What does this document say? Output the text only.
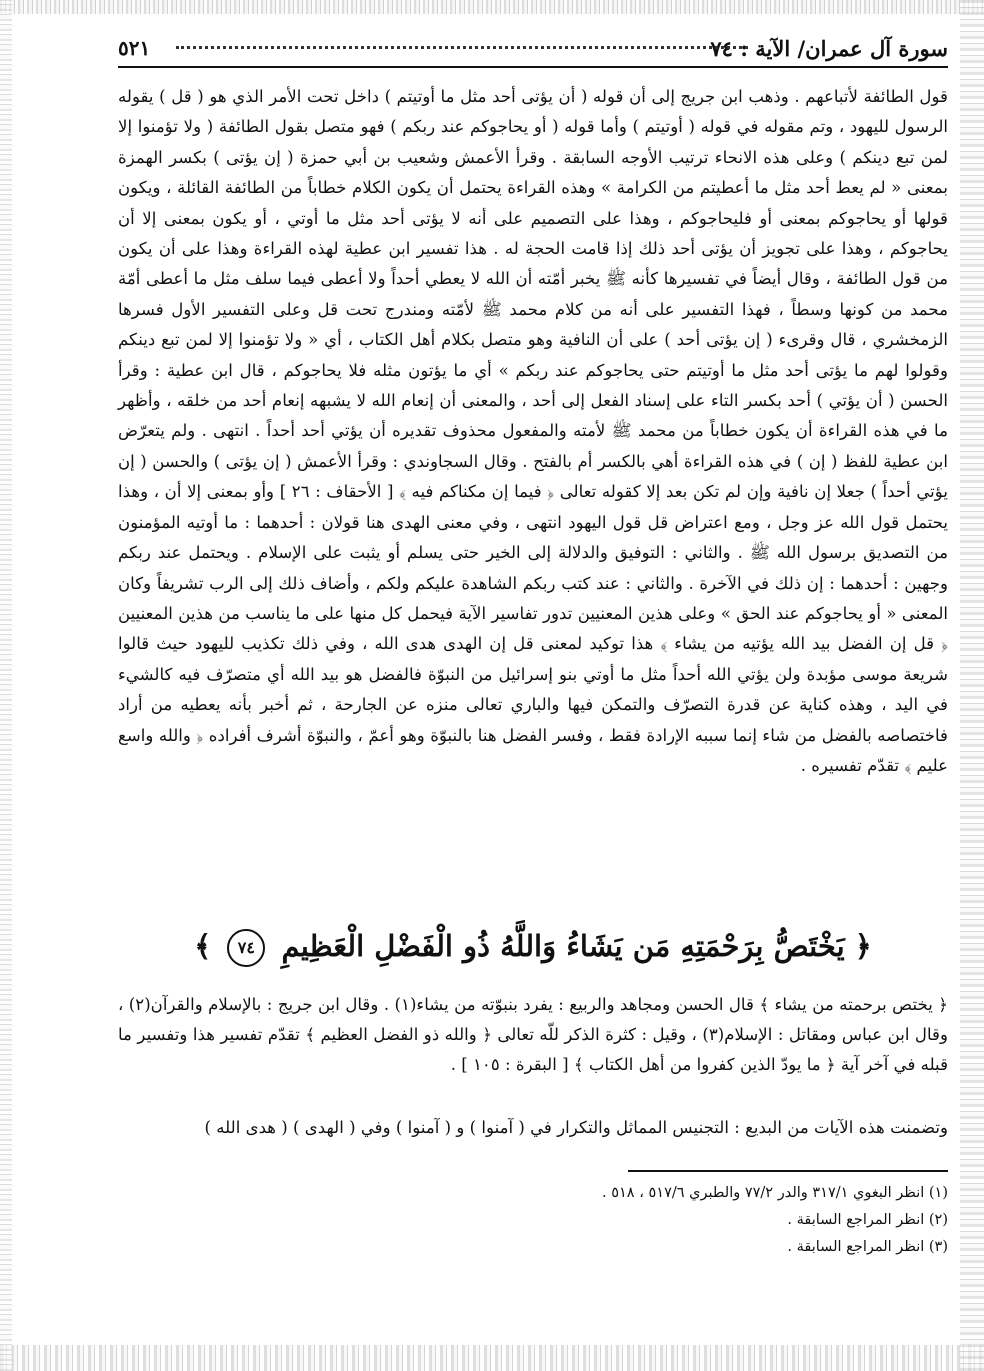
سورة آل عمران/ الآية : ٧٤
٥٢١

قول الطائفة لأتباعهم . وذهب ابن جريج إلى أن قوله ( أن يؤتى أحد مثل ما أوتيتم ) داخل تحت الأمر الذي هو ( قل ) يقوله الرسول لليهود ، وتم مقوله في قوله ( أوتيتم ) وأما قوله ( أو يحاجوكم عند ربكم ) فهو متصل بقول الطائفة ( ولا تؤمنوا إلا لمن تبع دينكم ) وعلى هذه الانحاء ترتيب الأوجه السابقة . وقرأ الأعمش وشعيب بن أبي حمزة ( إن يؤتى ) بكسر الهمزة بمعنى « لم يعط أحد مثل ما أعطيتم من الكرامة » وهذه القراءة يحتمل أن يكون الكلام خطاباً من الطائفة القائلة ، ويكون قولها أو يحاجوكم بمعنى أو فليحاجوكم ، وهذا على التصميم على أنه لا يؤتى أحد مثل ما أوتي ، أو يكون بمعنى إلا أن يحاجوكم ، وهذا على تجويز أن يؤتى أحد ذلك إذا قامت الحجة له . هذا تفسير ابن عطية لهذه القراءة وهذا على أن يكون من قول الطائفة ، وقال أيضاً في تفسيرها كأنه ﷺ يخبر أمّته أن الله لا يعطي أحداً ولا أعطى فيما سلف مثل ما أعطى أمّة محمد من كونها وسطاً ، فهذا التفسير على أنه من كلام محمد ﷺ لأمّته ومندرج تحت قل وعلى التفسير الأول فسرها الزمخشري ، قال وقرىء ( إن يؤتى أحد ) على أن النافية وهو متصل بكلام أهل الكتاب ، أي « ولا تؤمنوا إلا لمن تبع دينكم وقولوا لهم ما يؤتى أحد مثل ما أوتيتم حتى يحاجوكم عند ربكم » أي ما يؤتون مثله فلا يحاجوكم ، قال ابن عطية : وقرأ الحسن ( أن يؤتي ) أحد بكسر التاء على إسناد الفعل إلى أحد ، والمعنى أن إنعام الله لا يشبهه إنعام أحد من خلقه ، وأظهر ما في هذه القراءة أن يكون خطاباً من محمد ﷺ لأمته والمفعول محذوف تقديره أن يؤتي أحد أحداً . انتهى . ولم يتعرّض ابن عطية للفظ ( إن ) في هذه القراءة أهي بالكسر أم بالفتح . وقال السجاوندي : وقرأ الأعمش ( إن يؤتى ) والحسن ( إن يؤتي أحداً ) جعلا إن نافية وإن لم تكن بعد إلا كقوله تعالى ﴿ فيما إن مكناكم فيه ﴾ [ الأحقاف : ٢٦ ] وأو بمعنى إلا أن ، وهذا يحتمل قول الله عز وجل ، ومع اعتراض قل قول اليهود انتهى ، وفي معنى الهدى هنا قولان : أحدهما : ما أوتيه المؤمنون من التصديق برسول الله ﷺ . والثاني : التوفيق والدلالة إلى الخير حتى يسلم أو يثبت على الإسلام . ويحتمل عند ربكم وجهين : أحدهما : إن ذلك في الآخرة . والثاني : عند كتب ربكم الشاهدة عليكم ولكم ، وأضاف ذلك إلى الرب تشريفاً وكان المعنى « أو يحاجوكم عند الحق » وعلى هذين المعنيين تدور تفاسير الآية فيحمل كل منها على ما يناسب من هذين المعنيين ﴿ قل إن الفضل بيد الله يؤتيه من يشاء ﴾ هذا توكيد لمعنى قل إن الهدى هدى الله ، وفي ذلك تكذيب لليهود حيث قالوا شريعة موسى مؤبدة ولن يؤتي الله أحداً مثل ما أوتي بنو إسرائيل من النبوّة فالفضل هو بيد الله أي متصرّف فيه كالشيء في اليد ، وهذه كناية عن قدرة التصرّف والتمكن فيها والباري تعالى منزه عن الجارحة ، ثم أخبر بأنه يعطيه من أراد فاختصاصه بالفضل من شاء إنما سببه الإرادة فقط ، وفسر الفضل هنا بالنبوّة وهو أعمّ ، والنبوّة أشرف أفراده ﴿ والله واسع عليم ﴾ تقدّم تفسيره .

﴿ يَخْتَصُّ بِرَحْمَتِهِ مَن يَشَاءُ وَاللَّهُ ذُو الْفَضْلِ الْعَظِيمِ ٧٤ ﴾

﴿ يختص برحمته من يشاء ﴾ قال الحسن ومجاهد والربيع : يفرد بنبوّته من يشاء(١) . وقال ابن جريج : بالإسلام والقرآن(٢) ، وقال ابن عباس ومقاتل : الإسلام(٣) ، وقيل : كثرة الذكر للّه تعالى ﴿ والله ذو الفضل العظيم ﴾ تقدّم تفسير هذا وتفسير ما قبله في آخر آية ﴿ ما يودّ الذين كفروا من أهل الكتاب ﴾ [ البقرة : ١٠٥ ] .

وتضمنت هذه الآيات من البديع : التجنيس المماثل والتكرار في ( آمنوا ) و ( آمنوا ) وفي ( الهدى ) ( هدى الله )

(١) انظر البغوي ٣١٧/١ والدر ٧٧/٢ والطبري ٥١٧/٦ ، ٥١٨ .
(٢) انظر المراجع السابقة .
(٣) انظر المراجع السابقة .
